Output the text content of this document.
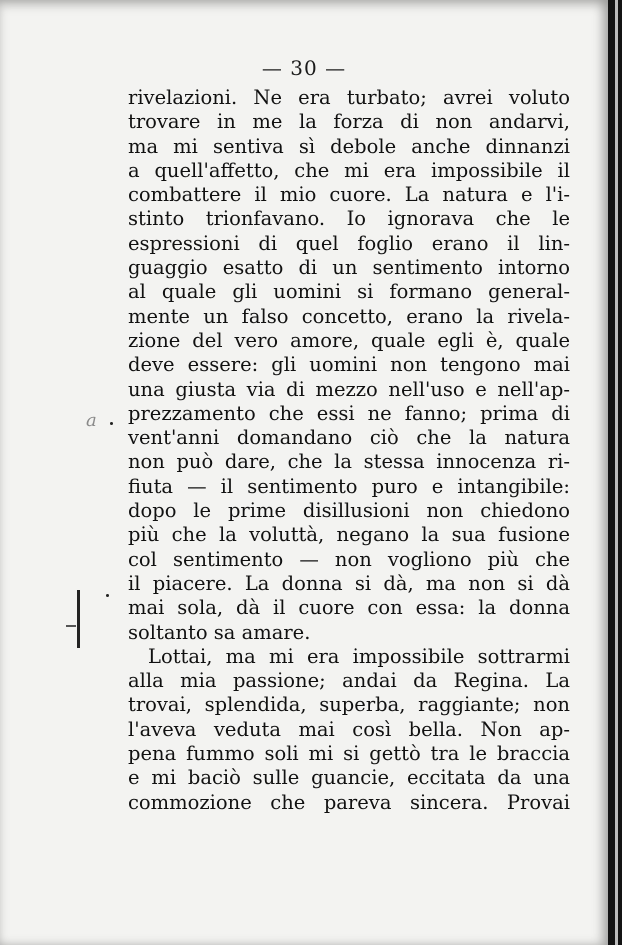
— 30 —
rivelazioni. Ne era turbato; avrei voluto
trovare in me la forza di non andarvi,
ma mi sentiva sì debole anche dinnanzi
a quell'affetto, che mi era impossibile il
combattere il mio cuore. La natura e l'i-
stinto trionfavano. Io ignorava che le
espressioni di quel foglio erano il lin-
guaggio esatto di un sentimento intorno
al quale gli uomini si formano general-
mente un falso concetto, erano la rivela-
zione del vero amore, quale egli è, quale
deve essere: gli uomini non tengono mai
una giusta via di mezzo nell'uso e nell'ap-
prezzamento che essi ne fanno; prima di
vent'anni domandano ciò che la natura
non può dare, che la stessa innocenza ri-
fiuta — il sentimento puro e intangibile:
dopo le prime disillusioni non chiedono
più che la voluttà, negano la sua fusione
col sentimento — non vogliono più che
il piacere. La donna si dà, ma non si dà
mai sola, dà il cuore con essa: la donna
soltanto sa amare.
Lottai, ma mi era impossibile sottrarmi
alla mia passione; andai da Regina. La
trovai, splendida, superba, raggiante; non
l'aveva veduta mai così bella. Non ap-
pena fummo soli mi si gettò tra le braccia
e mi baciò sulle guancie, eccitata da una
commozione che pareva sincera. Provai
a
